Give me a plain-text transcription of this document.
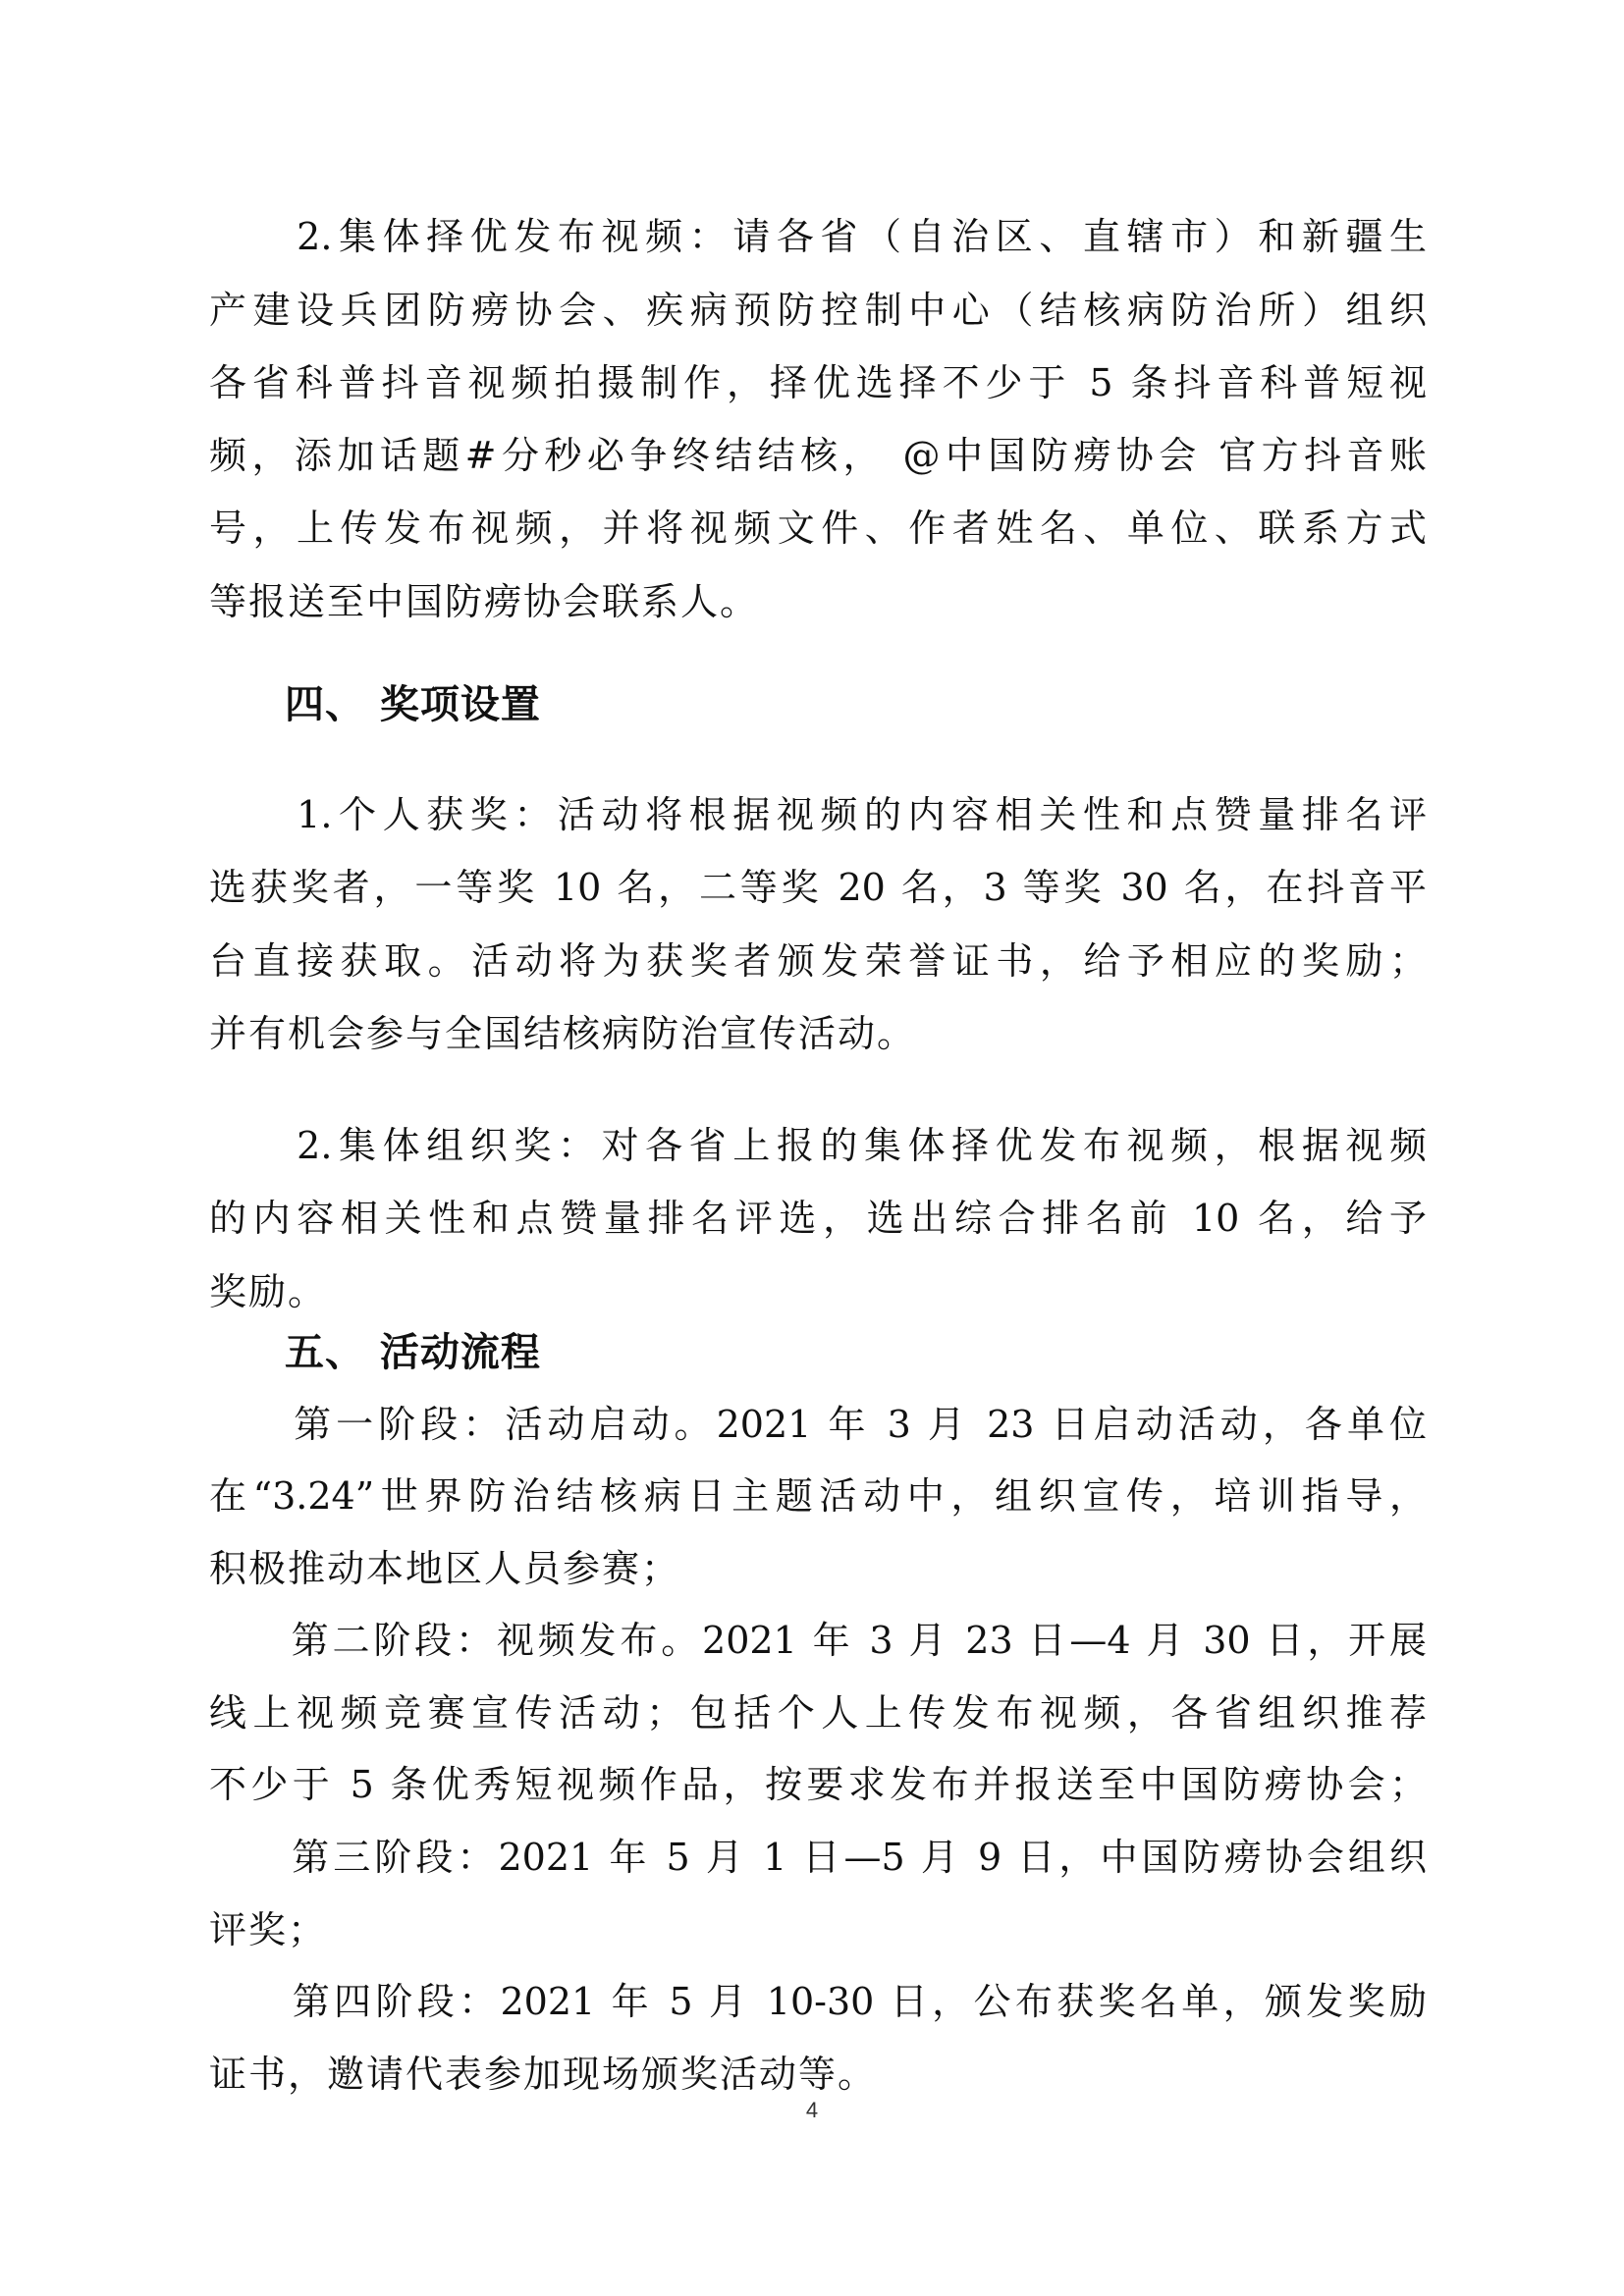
　　2.集体择优发布视频：请各省（自治区、直辖市）和新疆生
产建设兵团防痨协会、疾病预防控制中心（结核病防治所）组织
各省科普抖音视频拍摄制作，择优选择不少于 5 条抖音科普短视
频，添加话题#分秒必争终结结核， @中国防痨协会 官方抖音账
号，上传发布视频，并将视频文件、作者姓名、单位、联系方式
等报送至中国防痨协会联系人。
四、 奖项设置
　　1.个人获奖：活动将根据视频的内容相关性和点赞量排名评
选获奖者，一等奖 10 名，二等奖 20 名，3 等奖 30 名，在抖音平
台直接获取。活动将为获奖者颁发荣誉证书，给予相应的奖励；
并有机会参与全国结核病防治宣传活动。
　　2.集体组织奖：对各省上报的集体择优发布视频，根据视频
的内容相关性和点赞量排名评选，选出综合排名前 10 名，给予
奖励。
五、 活动流程
　　第一阶段：活动启动。2021 年 3 月 23 日启动活动，各单位
在“3.24”世界防治结核病日主题活动中，组织宣传，培训指导，
积极推动本地区人员参赛；
　　第二阶段：视频发布。2021 年 3 月 23 日—4 月 30 日，开展
线上视频竞赛宣传活动；包括个人上传发布视频，各省组织推荐
不少于 5 条优秀短视频作品，按要求发布并报送至中国防痨协会；
　　第三阶段：2021 年 5 月 1 日—5 月 9 日，中国防痨协会组织
评奖；
　　第四阶段：2021 年 5 月 10-30 日，公布获奖名单，颁发奖励
证书，邀请代表参加现场颁奖活动等。
4
